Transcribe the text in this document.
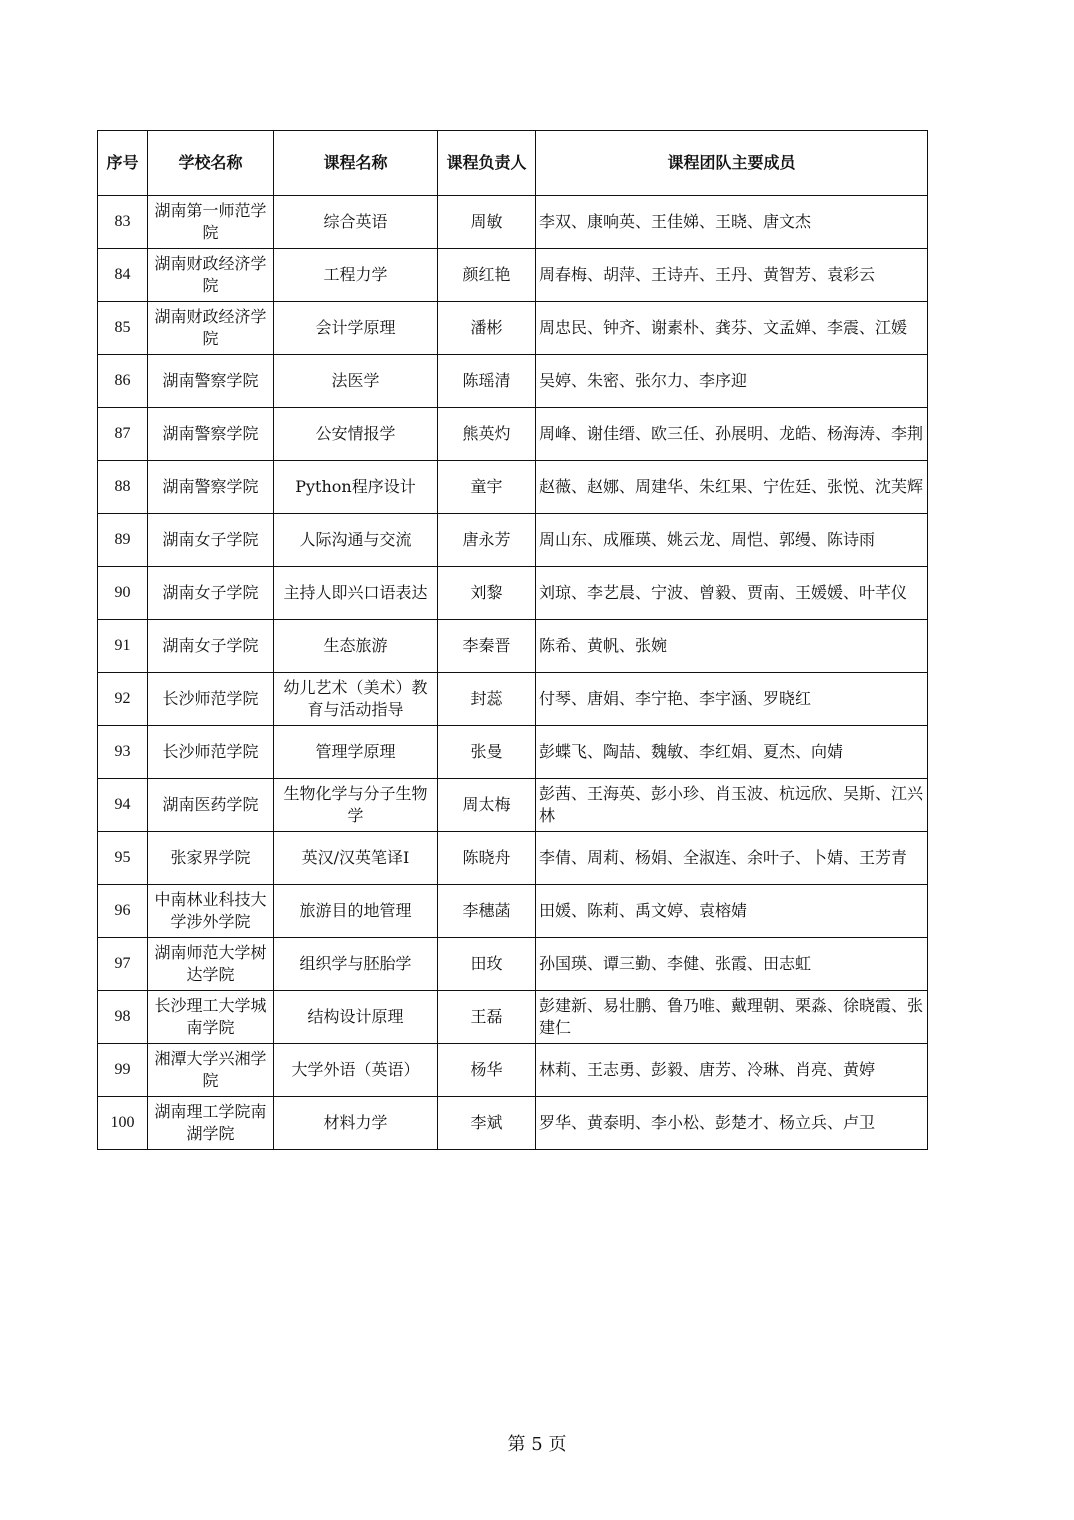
序号	学校名称	课程名称	课程负责人	课程团队主要成员
83	湖南第一师范学院	综合英语	周敏	李双、康响英、王佳娣、王晓、唐文杰
84	湖南财政经济学院	工程力学	颜红艳	周春梅、胡萍、王诗卉、王丹、黄智芳、袁彩云
85	湖南财政经济学院	会计学原理	潘彬	周忠民、钟齐、谢素朴、龚芬、文孟婵、李震、江媛
86	湖南警察学院	法医学	陈瑶清	吴婷、朱密、张尔力、李序迎
87	湖南警察学院	公安情报学	熊英灼	周峰、谢佳缙、欧三任、孙展明、龙皓、杨海涛、李荆
88	湖南警察学院	Python程序设计	童宇	赵薇、赵娜、周建华、朱红果、宁佐廷、张悦、沈芙辉
89	湖南女子学院	人际沟通与交流	唐永芳	周山东、成雁瑛、姚云龙、周恺、郭缦、陈诗雨
90	湖南女子学院	主持人即兴口语表达	刘黎	刘琼、李艺晨、宁波、曾毅、贾南、王媛媛、叶芊仪
91	湖南女子学院	生态旅游	李秦晋	陈希、黄帆、张婉
92	长沙师范学院	幼儿艺术（美术）教育与活动指导	封蕊	付琴、唐娟、李宁艳、李宇涵、罗晓红
93	长沙师范学院	管理学原理	张曼	彭蝶飞、陶喆、魏敏、李红娟、夏杰、向婧
94	湖南医药学院	生物化学与分子生物学	周太梅	彭茜、王海英、彭小珍、肖玉波、杭远欣、吴斯、江兴林
95	张家界学院	英汉/汉英笔译I	陈晓舟	李倩、周莉、杨娟、全淑连、余叶子、卜婧、王芳青
96	中南林业科技大学涉外学院	旅游目的地管理	李穗菡	田媛、陈莉、禹文婷、袁榕婧
97	湖南师范大学树达学院	组织学与胚胎学	田玫	孙国瑛、谭三勤、李健、张霞、田志虹
98	长沙理工大学城南学院	结构设计原理	王磊	彭建新、易壮鹏、鲁乃唯、戴理朝、栗淼、徐晓霞、张建仁
99	湘潭大学兴湘学院	大学外语（英语）	杨华	林莉、王志勇、彭毅、唐芳、冷琳、肖亮、黄婷
100	湖南理工学院南湖学院	材料力学	李斌	罗华、黄泰明、李小松、彭楚才、杨立兵、卢卫
第 5 页
